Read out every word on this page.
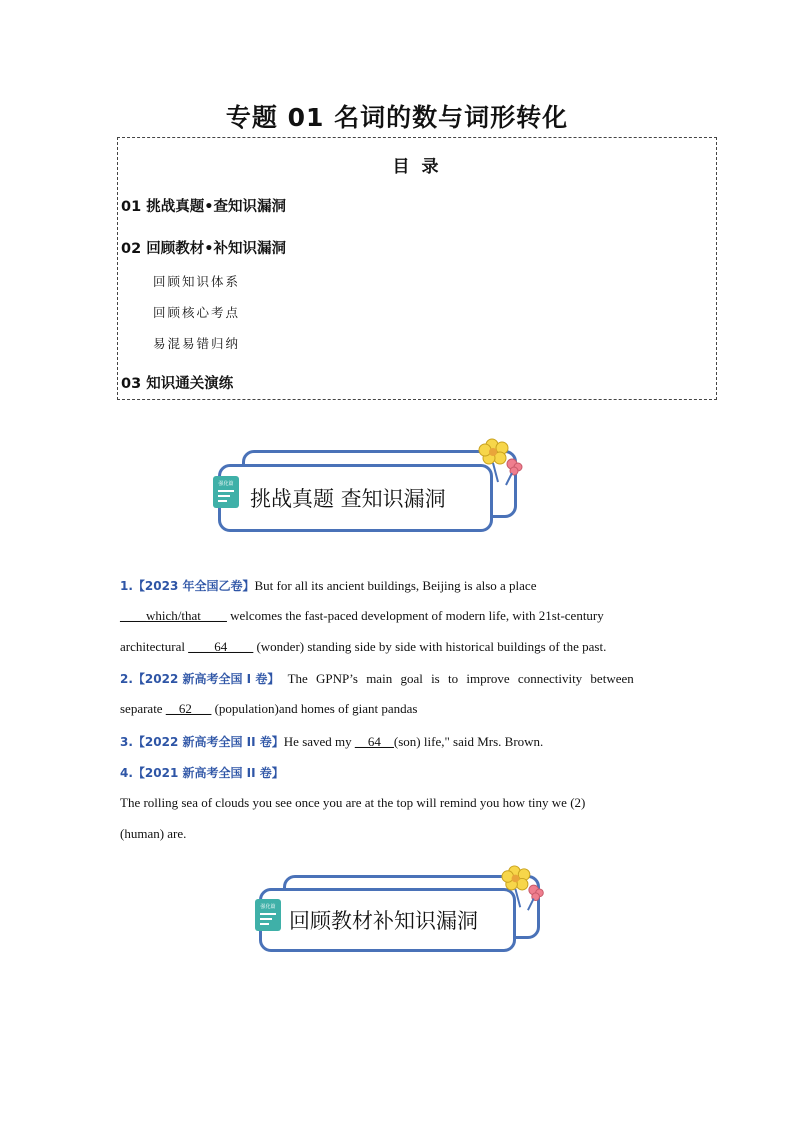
专题 01 名词的数与词形转化
目 录
01 挑战真题•查知识漏洞
02 回顾教材•补知识漏洞
回顾知识体系
回顾核心考点
易混易错归纳
03 知识通关演练
挑战真题 查知识漏洞
强化篇
1.【2023 年全国乙卷】But for all its ancient buildings, Beijing is also a place
____which/that____ welcomes the fast-paced development of modern life, with 21st-century
architectural ____64____ (wonder) standing side by side with historical buildings of the past.
2.【2022 新高考全国 I 卷】 The GPNP’s main goal is to improve connectivity between
separate __62___ (population)and homes of giant pandas
3.【2022 新高考全国 II 卷】He saved my __64__(son) life," said Mrs. Brown.
4.【2021 新高考全国 II 卷】
The rolling sea of clouds you see once you are at the top will remind you how tiny we (2)
(human) are.
回顾教材补知识漏洞
强化篇
